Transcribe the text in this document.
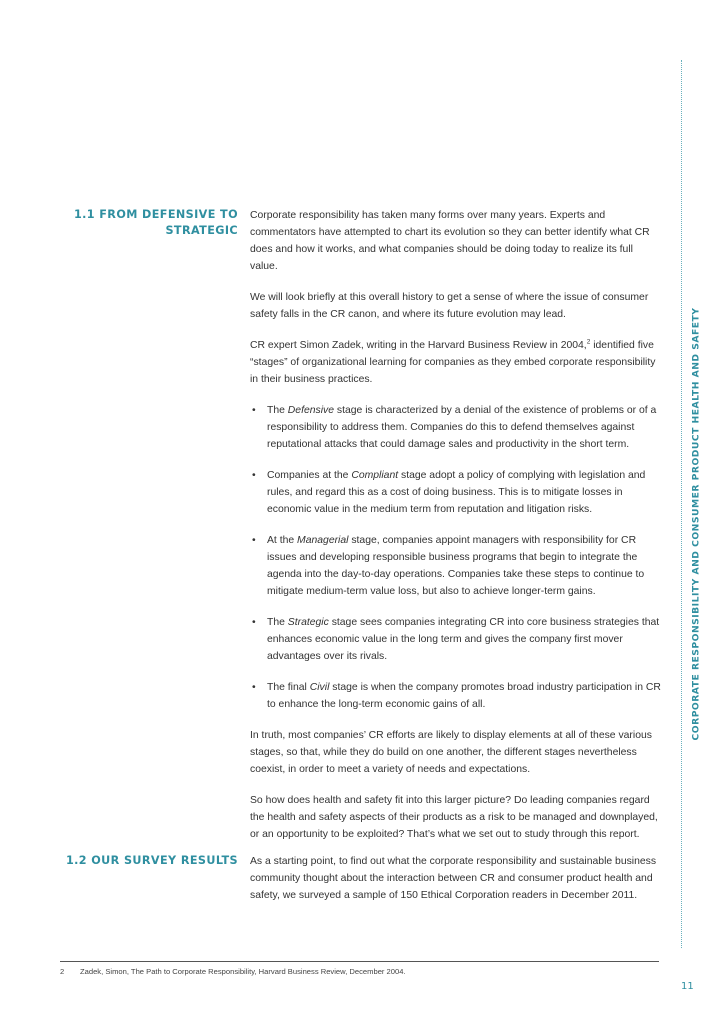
1.1 FROM DEFENSIVE TO
STRATEGIC

Corporate responsibility has taken many forms over many years. Experts and commentators have attempted to chart its evolution so they can better identify what CR does and how it works, and what companies should be doing today to realize its full value.

We will look briefly at this overall history to get a sense of where the issue of consumer safety falls in the CR canon, and where its future evolution may lead.

CR expert Simon Zadek, writing in the Harvard Business Review in 2004,$^2$ identified five “stages” of organizational learning for companies as they embed corporate responsibility in their business practices.

• The Defensive stage is characterized by a denial of the existence of problems or of a responsibility to address them. Companies do this to defend themselves against reputational attacks that could damage sales and productivity in the short term.
• Companies at the Compliant stage adopt a policy of complying with legislation and rules, and regard this as a cost of doing business. This is to mitigate losses in economic value in the medium term from reputation and litigation risks.
• At the Managerial stage, companies appoint managers with responsibility for CR issues and developing responsible business programs that begin to integrate the agenda into the day-to-day operations. Companies take these steps to continue to mitigate medium-term value loss, but also to achieve longer-term gains.
• The Strategic stage sees companies integrating CR into core business strategies that enhances economic value in the long term and gives the company first mover advantages over its rivals.
• The final Civil stage is when the company promotes broad industry participation in CR to enhance the long-term economic gains of all.

In truth, most companies’ CR efforts are likely to display elements at all of these various stages, so that, while they do build on one another, the different stages nevertheless coexist, in order to meet a variety of needs and expectations.

So how does health and safety fit into this larger picture? Do leading companies regard the health and safety aspects of their products as a risk to be managed and downplayed, or an opportunity to be exploited? That’s what we set out to study through this report.

1.2 OUR SURVEY RESULTS As a starting point, to find out what the corporate responsibility and sustainable business community thought about the interaction between CR and consumer product health and safety, we surveyed a sample of 150 Ethical Corporation readers in December 2011.

CORPORATE RESPONSIBILITY AND CONSUMER PRODUCT HEALTH AND SAFETY
2 Zadek, Simon, The Path to Corporate Responsibility, Harvard Business Review, December 2004.
11
